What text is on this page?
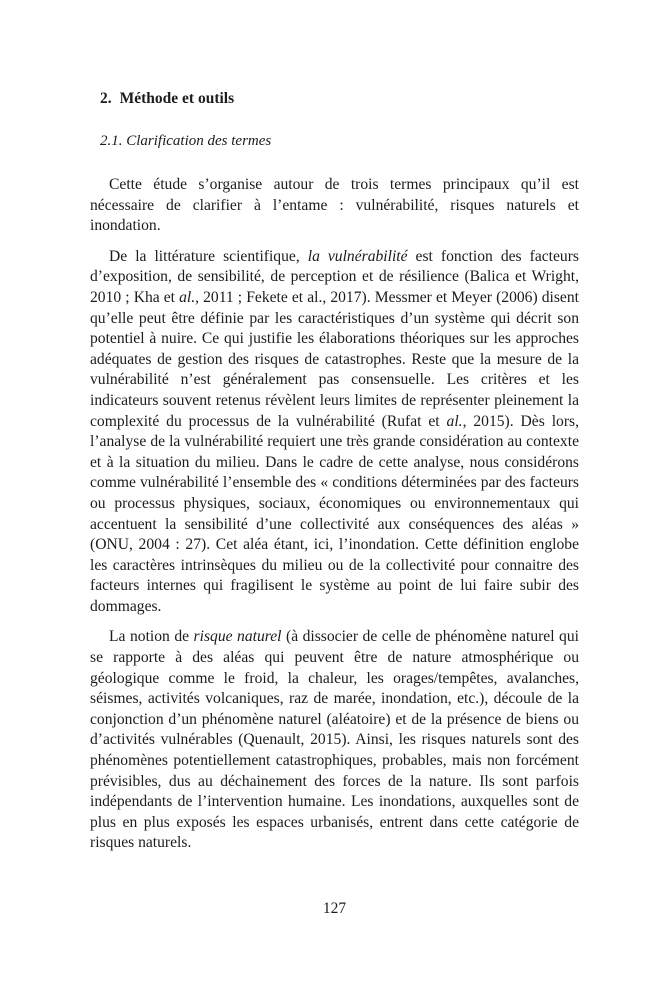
2. Méthode et outils
2.1. Clarification des termes

Cette étude s’organise autour de trois termes principaux qu’il est nécessaire de clarifier à l’entame : vulnérabilité, risques naturels et inondation.

De la littérature scientifique, la vulnérabilité est fonction des facteurs d’exposition, de sensibilité, de perception et de résilience (Balica et Wright, 2010 ; Kha et al., 2011 ; Fekete et al., 2017). Messmer et Meyer (2006) disent qu’elle peut être définie par les caractéristiques d’un système qui décrit son potentiel à nuire. Ce qui justifie les élaborations théoriques sur les approches adéquates de gestion des risques de catastrophes. Reste que la mesure de la vulnérabilité n’est généralement pas consensuelle. Les critères et les indicateurs souvent retenus révèlent leurs limites de représenter pleinement la complexité du processus de la vulnérabilité (Rufat et al., 2015). Dès lors, l’analyse de la vulnérabilité requiert une très grande considération au contexte et à la situation du milieu. Dans le cadre de cette analyse, nous considérons comme vulnérabilité l’ensemble des « conditions déterminées par des facteurs ou processus physiques, sociaux, économiques ou environnementaux qui accentuent la sensibilité d’une collectivité aux conséquences des aléas » (ONU, 2004 : 27). Cet aléa étant, ici, l’inondation. Cette définition englobe les caractères intrinsèques du milieu ou de la collectivité pour connaitre des facteurs internes qui fragilisent le système au point de lui faire subir des dommages.

La notion de risque naturel (à dissocier de celle de phénomène naturel qui se rapporte à des aléas qui peuvent être de nature atmosphérique ou géologique comme le froid, la chaleur, les orages/tempêtes, avalanches, séismes, activités volcaniques, raz de marée, inondation, etc.), découle de la conjonction d’un phénomène naturel (aléatoire) et de la présence de biens ou d’activités vulnérables (Quenault, 2015). Ainsi, les risques naturels sont des phénomènes potentiellement catastrophiques, probables, mais non forcément prévisibles, dus au déchainement des forces de la nature. Ils sont parfois indépendants de l’intervention humaine. Les inondations, auxquelles sont de plus en plus exposés les espaces urbanisés, entrent dans cette catégorie de risques naturels.

127
